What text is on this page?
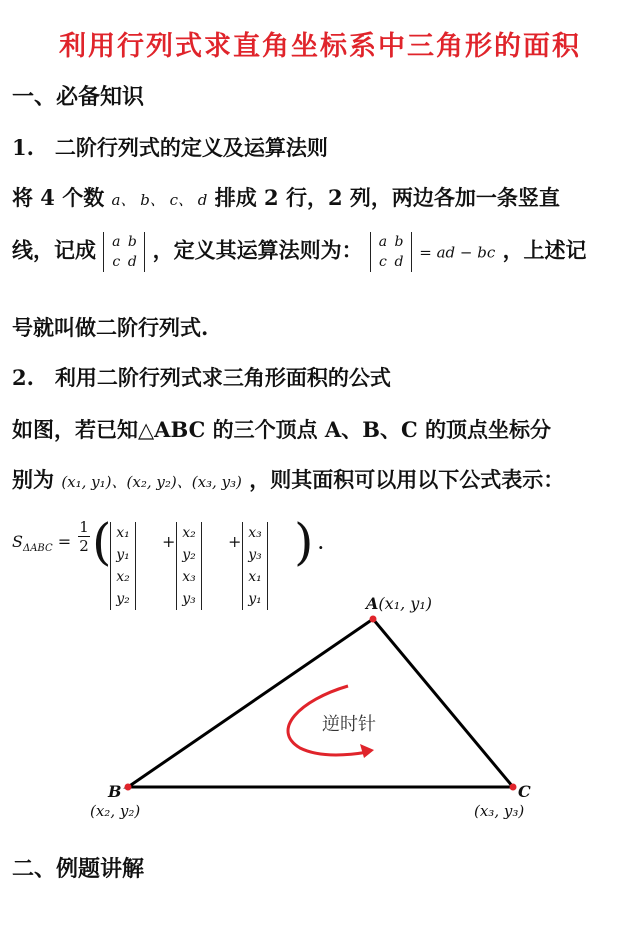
利用行列式求直角坐标系中三角形的面积
一、必备知识
1.　二阶行列式的定义及运算法则
将 4 个数 a、 b、 c、 d 排成 2 行，2 列，两边各加一条竖直
线，记成 a b
c d ，定义其运算法则为： a b
c d = ad − bc ，上述记
号就叫做二阶行列式.
2.　利用二阶行列式求三角形面积的公式
如图，若已知△ABC 的三个顶点 A、B、C 的顶点坐标分
别为 (x₁, y₁)、(x₂, y₂)、(x₃, y₃) ，则其面积可以用以下公式表示：
$S_{\Delta ABC}$ =
1
2 ( x₁y₁
x₂y₂
+ x₂y₂
x₃y₃
+ x₃y₃
x₁y₁
) .
A(x₁, y₁)
B
(x₂, y₂)
C
(x₃, y₃)
逆时针
二、例题讲解
